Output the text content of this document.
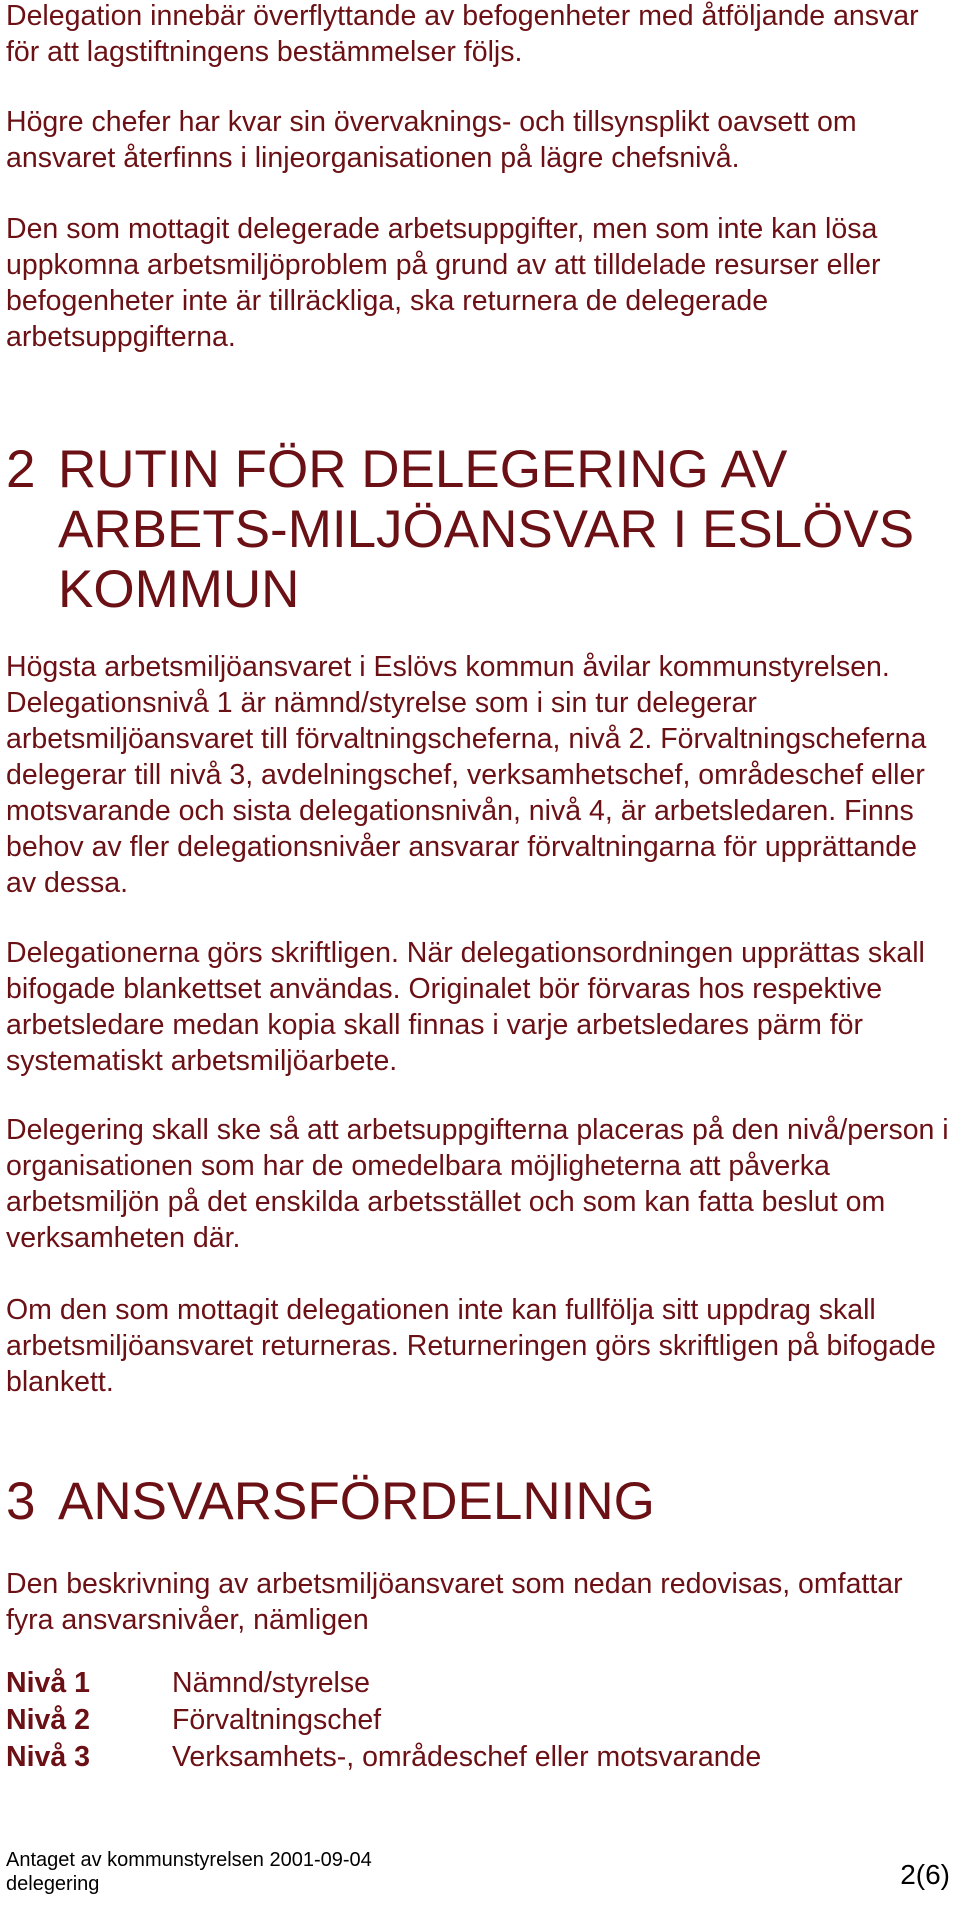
Delegation innebär överflyttande av befogenheter med åtföljande ansvar för att lagstiftningens bestämmelser följs.

Högre chefer har kvar sin övervaknings- och tillsynsplikt oavsett om ansvaret återfinns i linjeorganisationen på lägre chefsnivå.

Den som mottagit delegerade arbetsuppgifter, men som inte kan lösa uppkomna arbetsmiljöproblem på grund av att tilldelade resurser eller befogenheter inte är tillräckliga, ska returnera de delegerade arbetsuppgifterna.

2 RUTIN FÖR DELEGERING AV ARBETS-MILJÖANSVAR I ESLÖVS KOMMUN

Högsta arbetsmiljöansvaret i Eslövs kommun åvilar kommunstyrelsen. Delegationsnivå 1 är nämnd/styrelse som i sin tur delegerar arbetsmiljöansvaret till förvaltningscheferna, nivå 2. Förvaltningscheferna delegerar till nivå 3, avdelningschef, verksamhetschef, områdeschef eller motsvarande och sista delegationsnivån, nivå 4, är arbetsledaren. Finns behov av fler delegationsnivåer ansvarar förvaltningarna för upprättande av dessa.

Delegationerna görs skriftligen. När delegationsordningen upprättas skall bifogade blankettset användas. Originalet bör förvaras hos respektive arbetsledare medan kopia skall finnas i varje arbetsledares pärm för systematiskt arbetsmiljöarbete.

Delegering skall ske så att arbetsuppgifterna placeras på den nivå/person i organisationen som har de omedelbara möjligheterna att påverka arbetsmiljön på det enskilda arbetsstället och som kan fatta beslut om verksamheten där.

Om den som mottagit delegationen inte kan fullfölja sitt uppdrag skall arbetsmiljöansvaret returneras. Returneringen görs skriftligen på bifogade blankett.

3 ANSVARSFÖRDELNING

Den beskrivning av arbetsmiljöansvaret som nedan redovisas, omfattar fyra ansvarsnivåer, nämligen

Nivå 1	Nämnd/styrelse
Nivå 2	Förvaltningschef
Nivå 3	Verksamhets-, områdeschef eller motsvarande
Antaget av kommunstyrelsen 2001-09-04
delegering	2(6)
